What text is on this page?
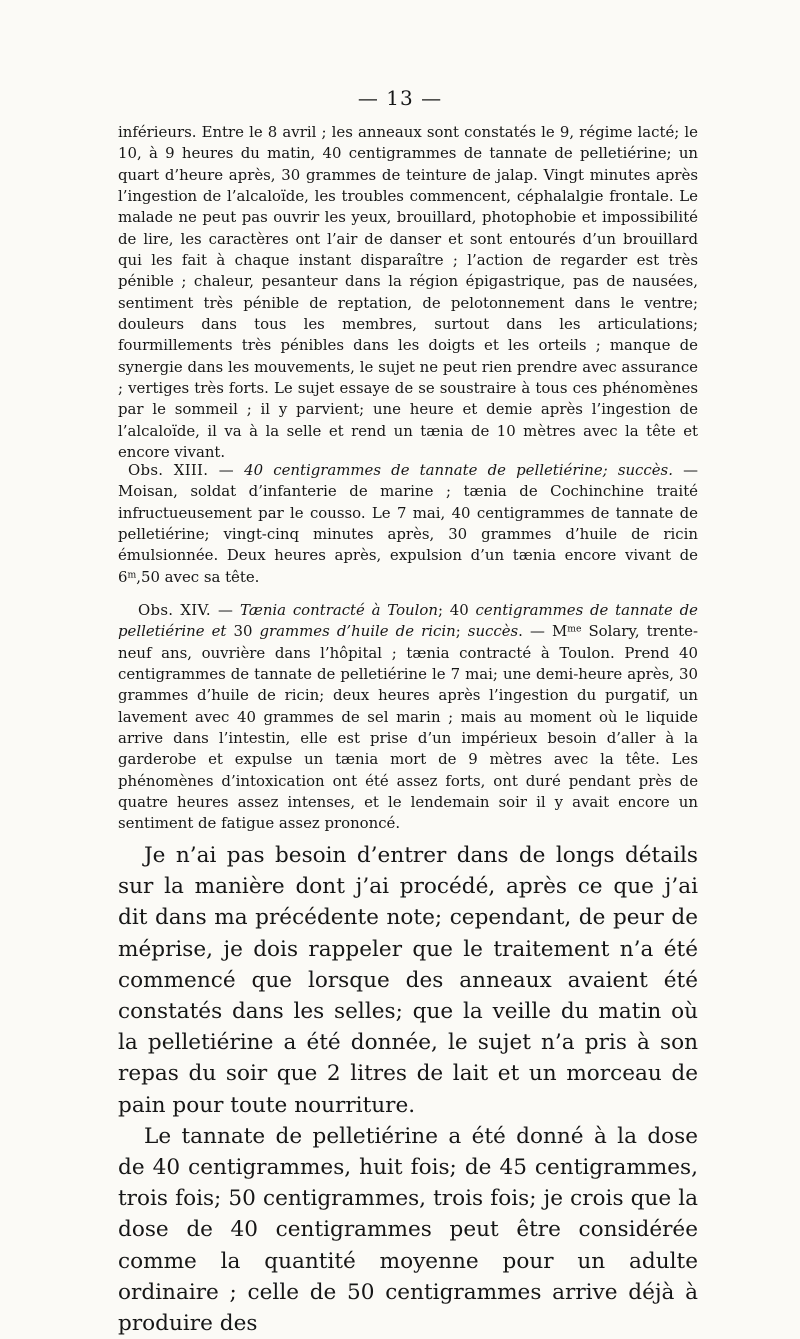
— 13 —

inférieurs. Entre le 8 avril ; les anneaux sont constatés le 9, régime lacté; le 10, à 9 heures du matin, 40 centigrammes de tannate de pelletiérine; un quart d’heure après, 30 grammes de teinture de jalap. Vingt minutes après l’ingestion de l’alcaloïde, les troubles commencent, céphalalgie frontale. Le malade ne peut pas ouvrir les yeux, brouillard, photophobie et impossibilité de lire, les caractères ont l’air de danser et sont entourés d’un brouillard qui les fait à chaque instant disparaître ; l’action de regarder est très pénible ; chaleur, pesanteur dans la région épigastrique, pas de nausées, sentiment très pénible de reptation, de pelotonnement dans le ventre; douleurs dans tous les membres, surtout dans les articulations; fourmillements très pénibles dans les doigts et les orteils ; manque de synergie dans les mouvements, le sujet ne peut rien prendre avec assurance ; vertiges très forts. Le sujet essaye de se soustraire à tous ces phénomènes par le sommeil ; il y parvient; une heure et demie après l’ingestion de l’alcaloïde, il va à la selle et rend un tænia de 10 mètres avec la tête et encore vivant.

Obs. XIII. — 40 centigrammes de tannate de pelletiérine; succès. — Moisan, soldat d’infanterie de marine ; tænia de Cochinchine traité infructueusement par le cousso. Le 7 mai, 40 centigrammes de tannate de pelletiérine; vingt-cinq minutes après, 30 grammes d’huile de ricin émulsionnée. Deux heures après, expulsion d’un tænia encore vivant de 6$^m$,50 avec sa tête.

Obs. XIV. — Tænia contracté à Toulon; 40 centigrammes de tannate de pelletiérine et 30 grammes d’huile de ricin; succès. — $M^{me}$ Solary, trente-neuf ans, ouvrière dans l’hôpital ; tænia contracté à Toulon. Prend 40 centigrammes de tannate de pelletiérine le 7 mai; une demi-heure après, 30 grammes d’huile de ricin; deux heures après l’ingestion du purgatif, un lavement avec 40 grammes de sel marin ; mais au moment où le liquide arrive dans l’intestin, elle est prise d’un impérieux besoin d’aller à la garderobe et expulse un tænia mort de 9 mètres avec la tête. Les phénomènes d’intoxication ont été assez forts, ont duré pendant près de quatre heures assez intenses, et le lendemain soir il y avait encore un sentiment de fatigue assez prononcé.

Je n’ai pas besoin d’entrer dans de longs détails sur la manière dont j’ai procédé, après ce que j’ai dit dans ma précédente note; cependant, de peur de méprise, je dois rappeler que le traitement n’a été commencé que lorsque des anneaux avaient été constatés dans les selles; que la veille du matin où la pelletiérine a été donnée, le sujet n’a pris à son repas du soir que 2 litres de lait et un morceau de pain pour toute nourriture.

Le tannate de pelletiérine a été donné à la dose de 40 centigrammes, huit fois; de 45 centigrammes, trois fois; 50 centigrammes, trois fois; je crois que la dose de 40 centigrammes peut être considérée comme la quantité moyenne pour un adulte ordinaire ; celle de 50 centigrammes arrive déjà à produire des
